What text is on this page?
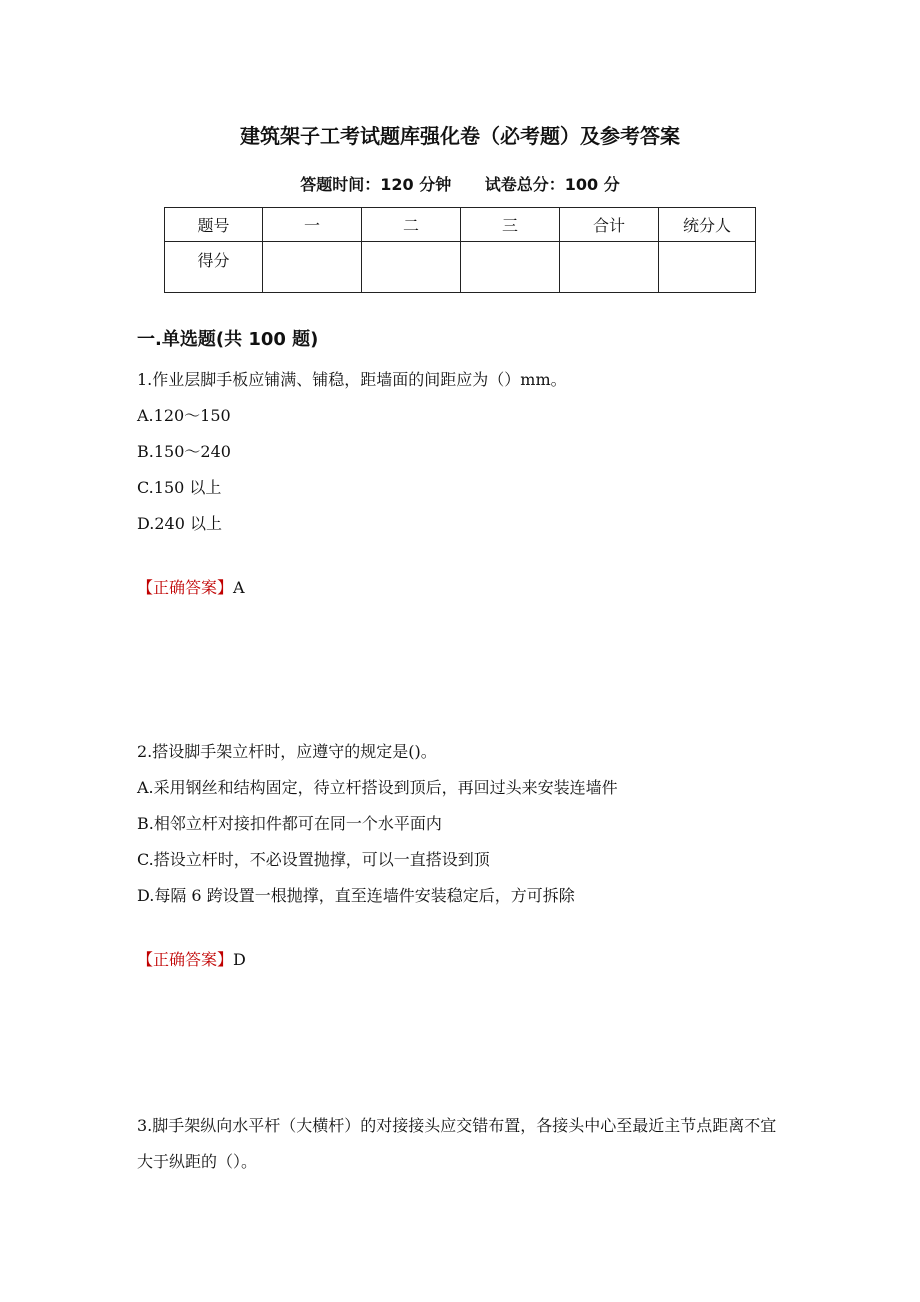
建筑架子工考试题库强化卷（必考题）及参考答案
答题时间：120 分钟 试卷总分：100 分
题号	一	二	三	合计	统分人
得分					
一.单选题(共 100 题)
1.作业层脚手板应铺满、铺稳，距墙面的间距应为（）mm。
A.120～150
B.150～240
C.150 以上
D.240 以上
【正确答案】A
2.搭设脚手架立杆时，应遵守的规定是()。
A.采用钢丝和结构固定，待立杆搭设到顶后，再回过头来安装连墙件
B.相邻立杆对接扣件都可在同一个水平面内
C.搭设立杆时，不必设置抛撑，可以一直搭设到顶
D.每隔 6 跨设置一根抛撑，直至连墙件安装稳定后，方可拆除
【正确答案】D
3.脚手架纵向水平杆（大横杆）的对接接头应交错布置，各接头中心至最近主节点距离不宜大于纵距的（）。
